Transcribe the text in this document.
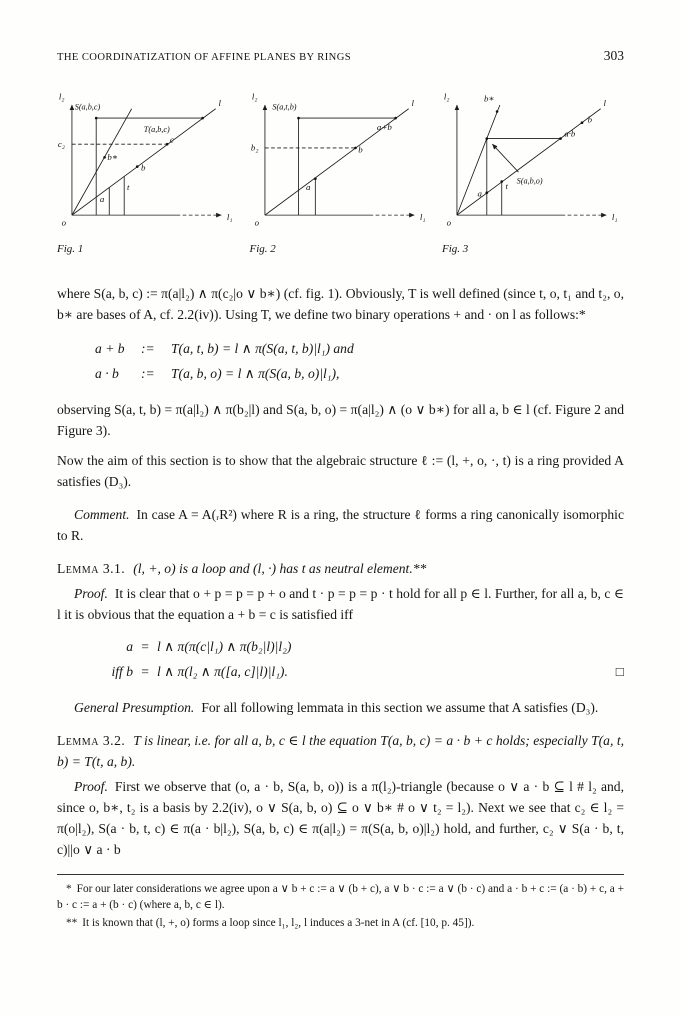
THE COORDINATIZATION OF AFFINE PLANES BY RINGS	303
l₂
S(a,b,c)	l
T(a,b,c)
c₂
b∗
c
b
t
a
o
l₁
Fig. 1
l₂
S(a,t,b)	l
a+b
b₂	b
a
o
l₁
Fig. 2
l₂	b∗	l
b
a·b
a
t
S(a,b,o)
o
l₁
Fig. 3

where S(a, b, c) := π(a|l₂) ∧ π(c₂|o ∨ b∗) (cf. fig. 1). Obviously, T is well defined (since t, o, t₁ and t₂, o, b∗ are bases of A, cf. 2.2(iv)). Using T, we define two binary operations + and · on l as follows:*

a + b	:=	T(a, t, b) = l ∧ π(S(a, t, b)|l₁) and
a · b	:=	T(a, b, o) = l ∧ π(S(a, b, o)|l₁),

observing S(a, t, b) = π(a|l₂) ∧ π(b₂|l) and S(a, b, o) = π(a|l₂) ∧ (o ∨ b∗) for all a, b ∈ l (cf. Figure 2 and Figure 3).

Now the aim of this section is to show that the algebraic structure ℓ := (l, +, o, ·, t) is a ring provided A satisfies (D₃).

Comment. In case A = A(ᵣR²) where R is a ring, the structure ℓ forms a ring canonically isomorphic to R.

Lemma 3.1. (l, +, o) is a loop and (l, ·) has t as neutral element.**

Proof. It is clear that o + p = p = p + o and t · p = p = p · t hold for all p ∈ l. Further, for all a, b, c ∈ l it is obvious that the equation a + b = c is satisfied iff

a = l ∧ π(π(c|l₁) ∧ π(b₂|l)|l₂)
iff b = l ∧ π(l₂ ∧ π([a, c]|l)|l₁).	□

General Presumption. For all following lemmata in this section we assume that A satisfies (D₃).

Lemma 3.2. T is linear, i.e. for all a, b, c ∈ l the equation T(a, b, c) = a · b + c holds; especially T(a, t, b) = T(t, a, b).

Proof. First we observe that (o, a · b, S(a, b, o)) is a π(l₂)-triangle (because o ∨ a · b ⊆ l # l₂ and, since o, b∗, t₂ is a basis by 2.2(iv), o ∨ S(a, b, o) ⊆ o ∨ b∗ # o ∨ t₂ = l₂). Next we see that c₂ ∈ l₂ = π(o|l₂), S(a · b, t, c) ∈ π(a · b|l₂), S(a, b, c) ∈ π(a|l₂) = π(S(a, b, o)|l₂) hold, and further, c₂ ∨ S(a · b, t, c)||o ∨ a · b

* For our later considerations we agree upon a ∨ b + c := a ∨ (b + c), a ∨ b · c := a ∨ (b · c) and a · b + c := (a · b) + c, a + b · c := a + (b · c) (where a, b, c ∈ l).

** It is known that (l, +, o) forms a loop since l₁, l₂, l induces a 3-net in A (cf. [10, p. 45]).
